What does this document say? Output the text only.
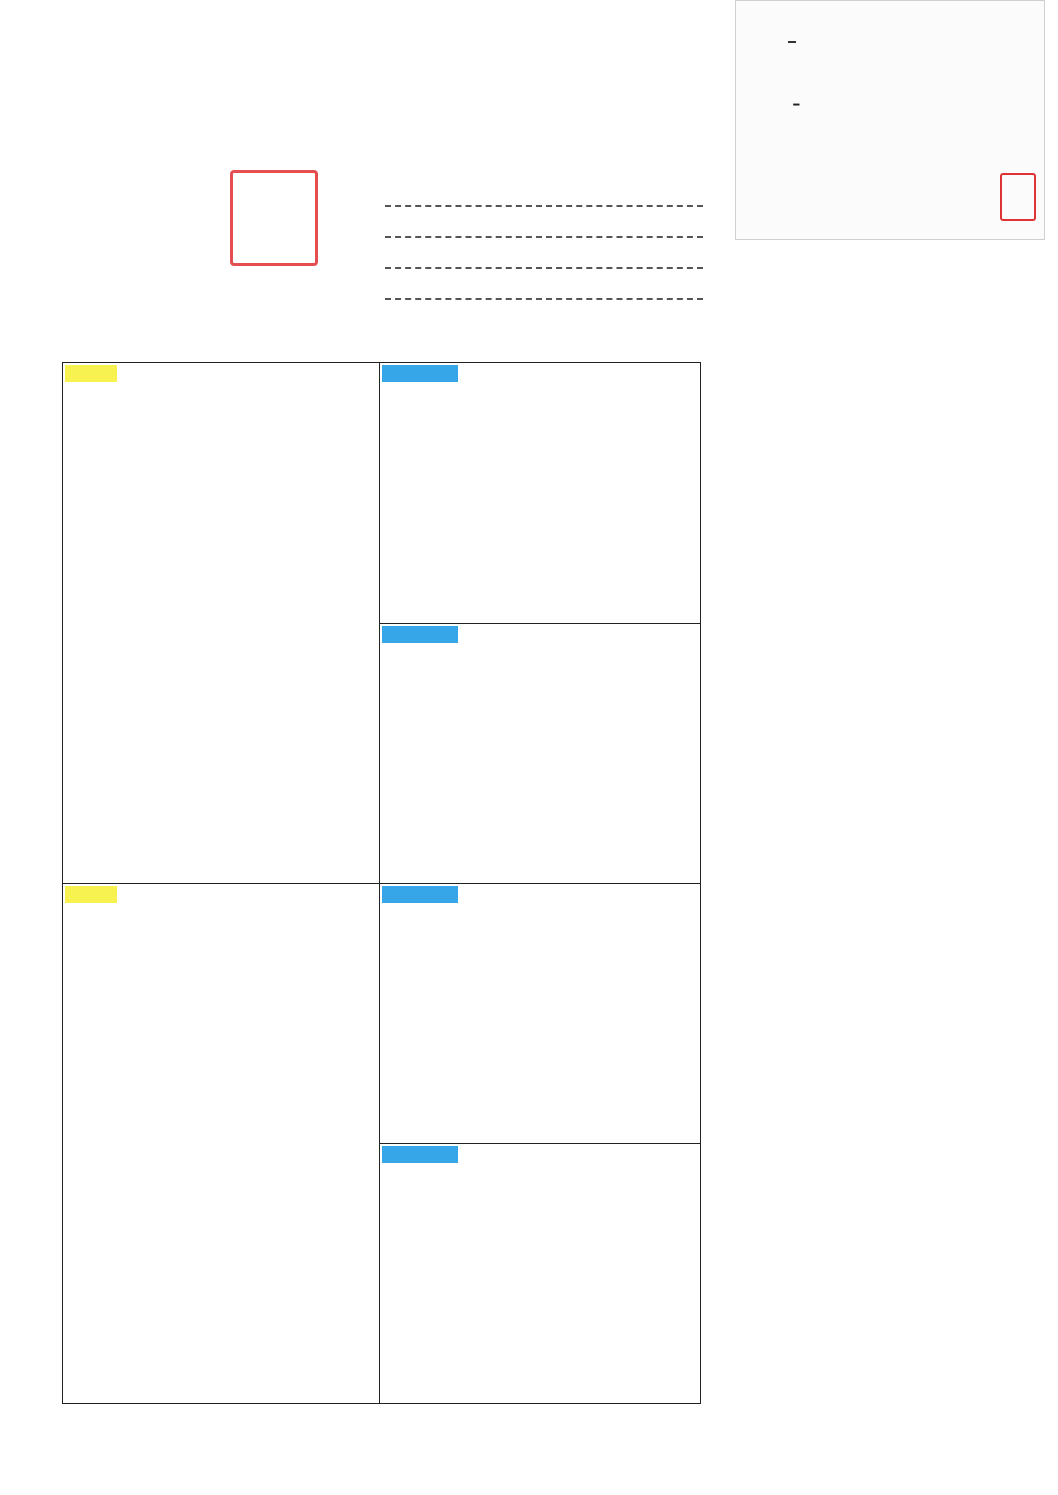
-
